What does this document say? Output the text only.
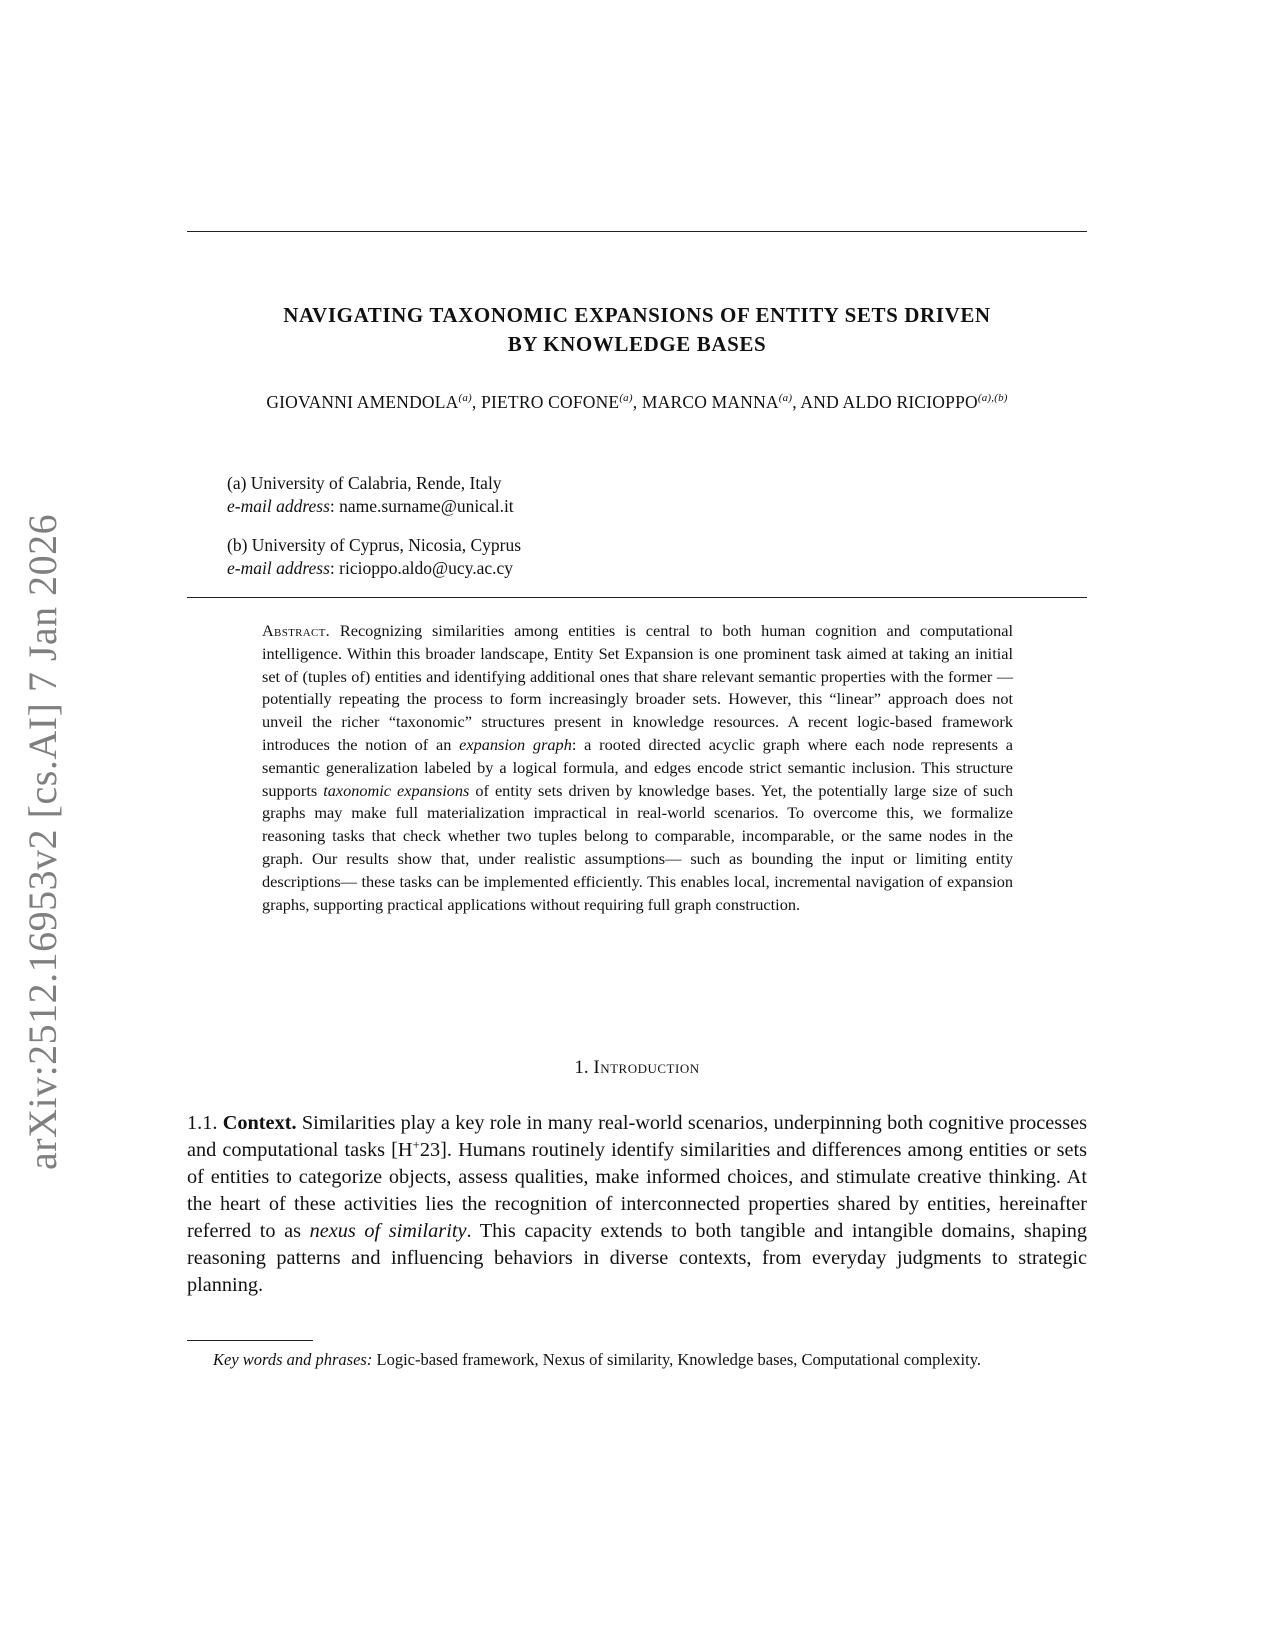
arXiv:2512.16953v2 [cs.AI] 7 Jan 2026
NAVIGATING TAXONOMIC EXPANSIONS OF ENTITY SETS DRIVEN
BY KNOWLEDGE BASES
GIOVANNI AMENDOLA$^{(a)}$, PIETRO COFONE$^{(a)}$, MARCO MANNA$^{(a)}$, AND ALDO $RICIOPPO^{(a),(b)}$
(a) University of Calabria, Rende, Italy
e-mail address: name.surname@unical.it
(b) University of Cyprus, Nicosia, Cyprus
e-mail address: ricioppo.aldo@ucy.ac.cy
Abstract. Recognizing similarities among entities is central to both human cognition and computational intelligence. Within this broader landscape, Entity Set Expansion is one prominent task aimed at taking an initial set of (tuples of) entities and identifying additional ones that share relevant semantic properties with the former —potentially repeating the process to form increasingly broader sets. However, this “linear” approach does not unveil the richer “taxonomic” structures present in knowledge resources. A recent logic-based framework introduces the notion of an expansion graph: a rooted directed acyclic graph where each node represents a semantic generalization labeled by a logical formula, and edges encode strict semantic inclusion. This structure supports taxonomic expansions of entity sets driven by knowledge bases. Yet, the potentially large size of such graphs may make full materialization impractical in real-world scenarios. To overcome this, we formalize reasoning tasks that check whether two tuples belong to comparable, incomparable, or the same nodes in the graph. Our results show that, under realistic assumptions— such as bounding the input or limiting entity descriptions— these tasks can be implemented efficiently. This enables local, incremental navigation of expansion graphs, supporting practical applications without requiring full graph construction.
1. Introduction
1.1. Context. Similarities play a key role in many real-world scenarios, underpinning both cognitive processes and computational tasks [H+23]. Humans routinely identify similarities and differences among entities or sets of entities to categorize objects, assess qualities, make informed choices, and stimulate creative thinking. At the heart of these activities lies the recognition of interconnected properties shared by entities, hereinafter referred to as nexus of similarity. This capacity extends to both tangible and intangible domains, shaping reasoning patterns and influencing behaviors in diverse contexts, from everyday judgments to strategic planning.
Key words and phrases: Logic-based framework, Nexus of similarity, Knowledge bases, Computational complexity.
